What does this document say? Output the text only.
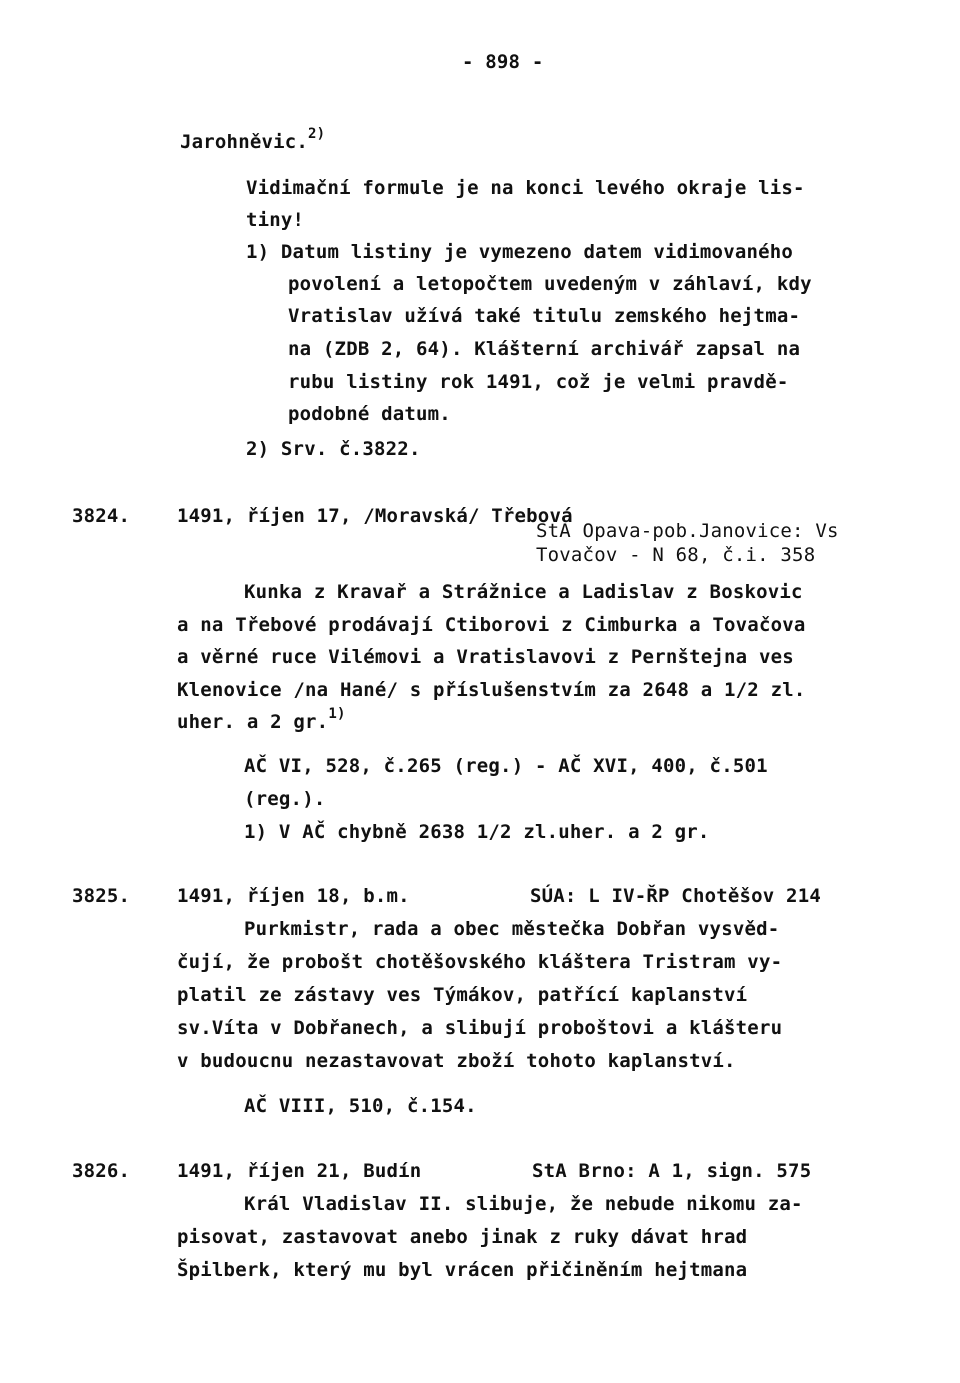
- 898 -
Jarohněvic.$^{2)}$
Vidimační formule je na konci levého okraje lis-
tiny!
1) Datum listiny je vymezeno datem vidimovaného
povolení a letopočtem uvedeným v záhlaví, kdy
Vratislav užívá také titulu zemského hejtma-
na (ZDB 2, 64). Klášterní archivář zapsal na
rubu listiny rok 1491, což je velmi pravdě-
podobné datum.
2) Srv. č.3822.
3824. 1491, říjen 17, /Moravská/ Třebová
StA Opava-pob.Janovice: Vs
Tovačov - N 68, č.i. 358
Kunka z Kravař a Strážnice a Ladislav z Boskovic
a na Třebové prodávají Ctiborovi z Cimburka a Tovačova
a věrné ruce Vilémovi a Vratislavovi z Pernštejna ves
Klenovice /na Hané/ s příslušenstvím za 2648 a 1/2 zl.
uher. a 2 gr.$^{1)}$
AČ VI, 528, č.265 (reg.) - AČ XVI, 400, č.501
(reg.).
1) V AČ chybně 2638 1/2 zl.uher. a 2 gr.
3825. 1491, říjen 18, b.m.	SÚA: L IV-ŘP Chotěšov 214
Purkmistr, rada a obec městečka Dobřan vysvěd-
čují, že probošt chotěšovského kláštera Tristram vy-
platil ze zástavy ves Týmákov, patřící kaplanství
sv.Víta v Dobřanech, a slibují proboštovi a klášteru
v budoucnu nezastavovat zboží tohoto kaplanství.
AČ VIII, 510, č.154.
3826. 1491, říjen 21, Budín	StA Brno: A 1, sign. 575
Král Vladislav II. slibuje, že nebude nikomu za-
pisovat, zastavovat anebo jinak z ruky dávat hrad
Špilberk, který mu byl vrácen přičiněním hejtmana
